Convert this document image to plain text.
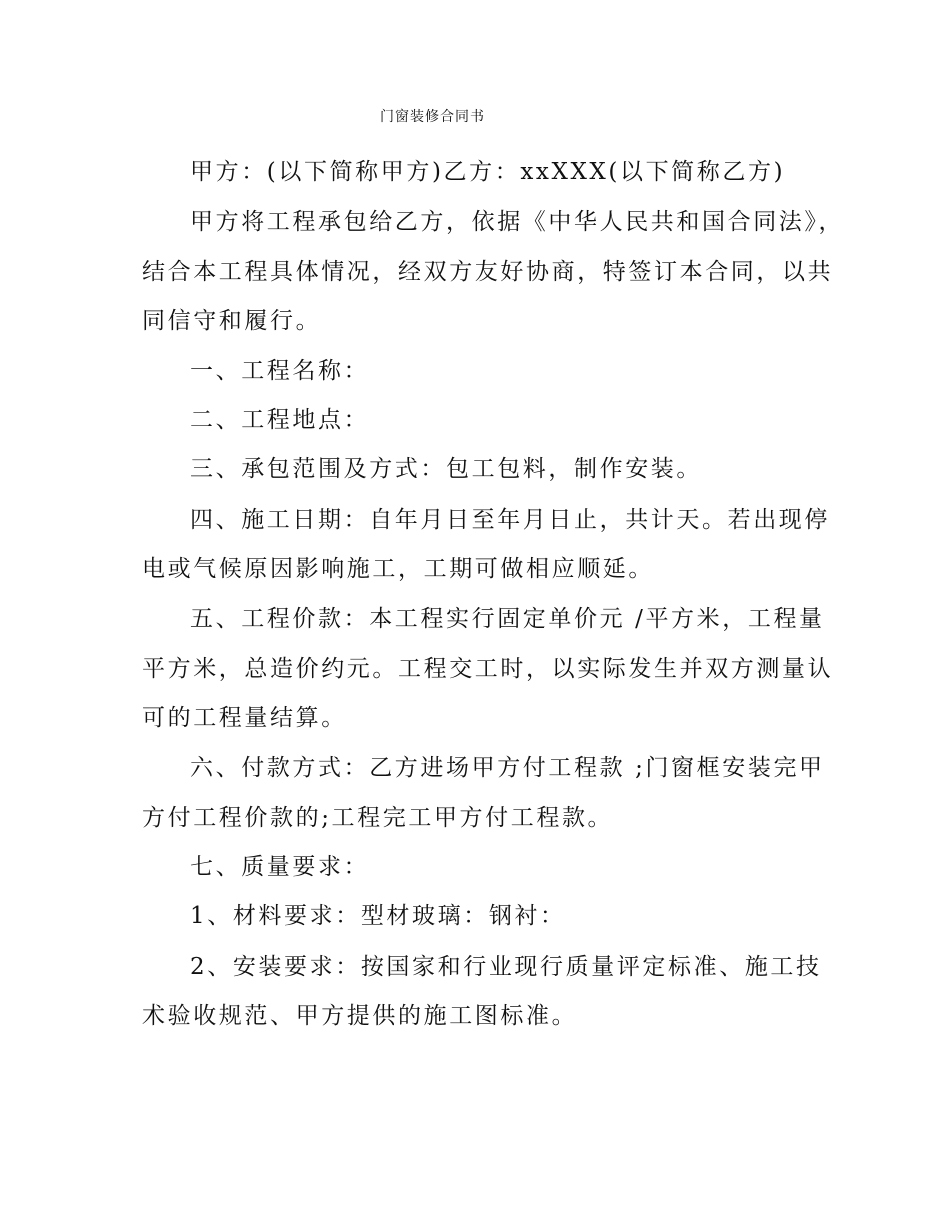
门窗装修合同书
甲方：(以下简称甲方)乙方：xxXXX(以下简称乙方)
甲方将工程承包给乙方，依据《中华人民共和国合同法》，
结合本工程具体情况，经双方友好协商，特签订本合同，以共
同信守和履行。
一、工程名称：
二、工程地点：
三、承包范围及方式：包工包料，制作安装。
四、施工日期：自年月日至年月日止，共计天。若出现停
电或气候原因影响施工，工期可做相应顺延。
五、工程价款：本工程实行固定单价元 /平方米，工程量
平方米，总造价约元。工程交工时，以实际发生并双方测量认
可的工程量结算。
六、付款方式：乙方进场甲方付工程款 ;门窗框安装完甲
方付工程价款的;工程完工甲方付工程款。
七、质量要求：
1、材料要求：型材玻璃：钢衬：
2、安装要求：按国家和行业现行质量评定标准、施工技
术验收规范、甲方提供的施工图标准。
